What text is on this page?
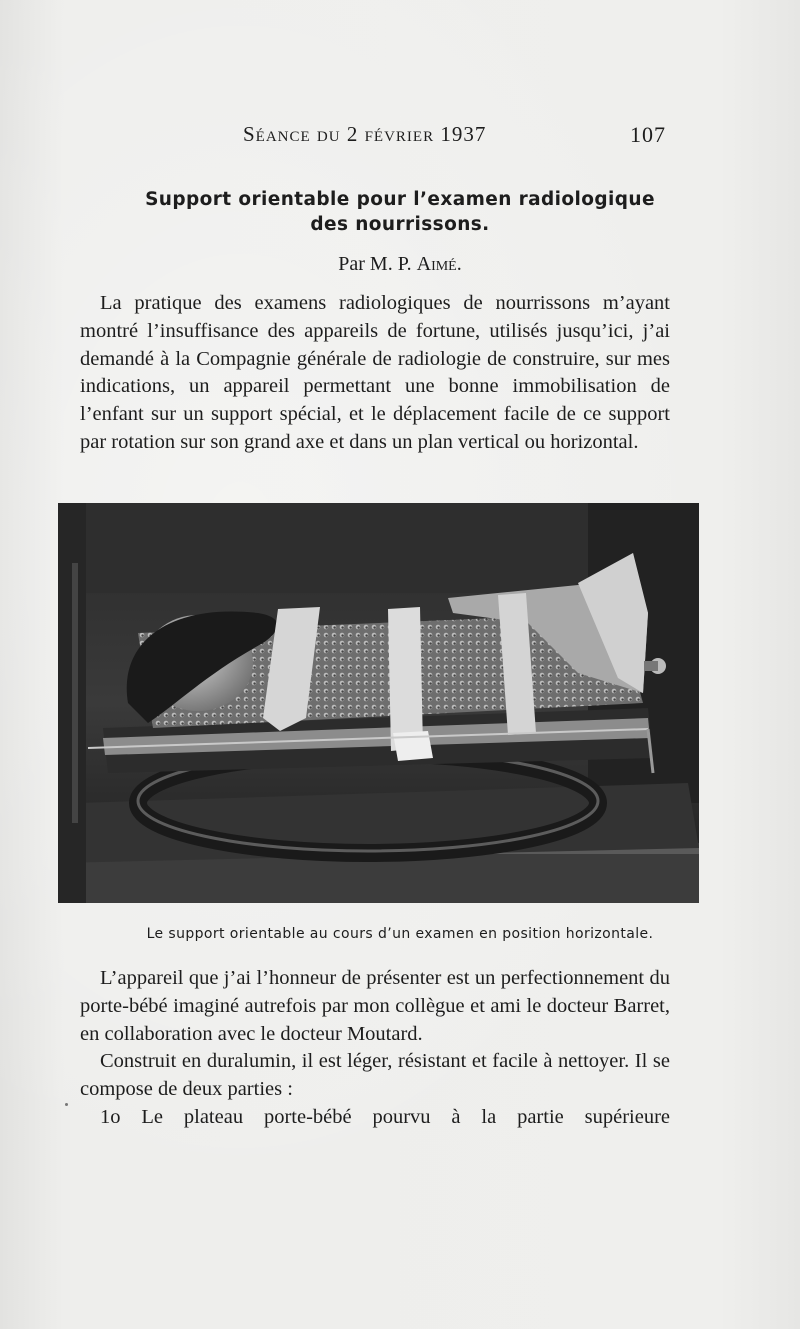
Séance du 2 février 1937	107
Support orientable pour l’examen radiologique
des nourrissons.
Par M. P. Aimé.

La pratique des examens radiologiques de nourrissons m’ayant montré l’insuffisance des appareils de fortune, utilisés jusqu’ici, j’ai demandé à la Compagnie générale de radiologie de construire, sur mes indications, un appareil permettant une bonne immobilisation de l’enfant sur un support spécial, et le déplacement facile de ce support par rotation sur son grand axe et dans un plan vertical ou horizontal.

Le support orientable au cours d’un examen en position horizontale.

L’appareil que j’ai l’honneur de présenter est un perfectionnement du porte-bébé imaginé autrefois par mon collègue et ami le docteur Barret, en collaboration avec le docteur Moutard.

Construit en duralumin, il est léger, résistant et facile à nettoyer. Il se compose de deux parties :

1o Le plateau porte-bébé pourvu à la partie supérieure
